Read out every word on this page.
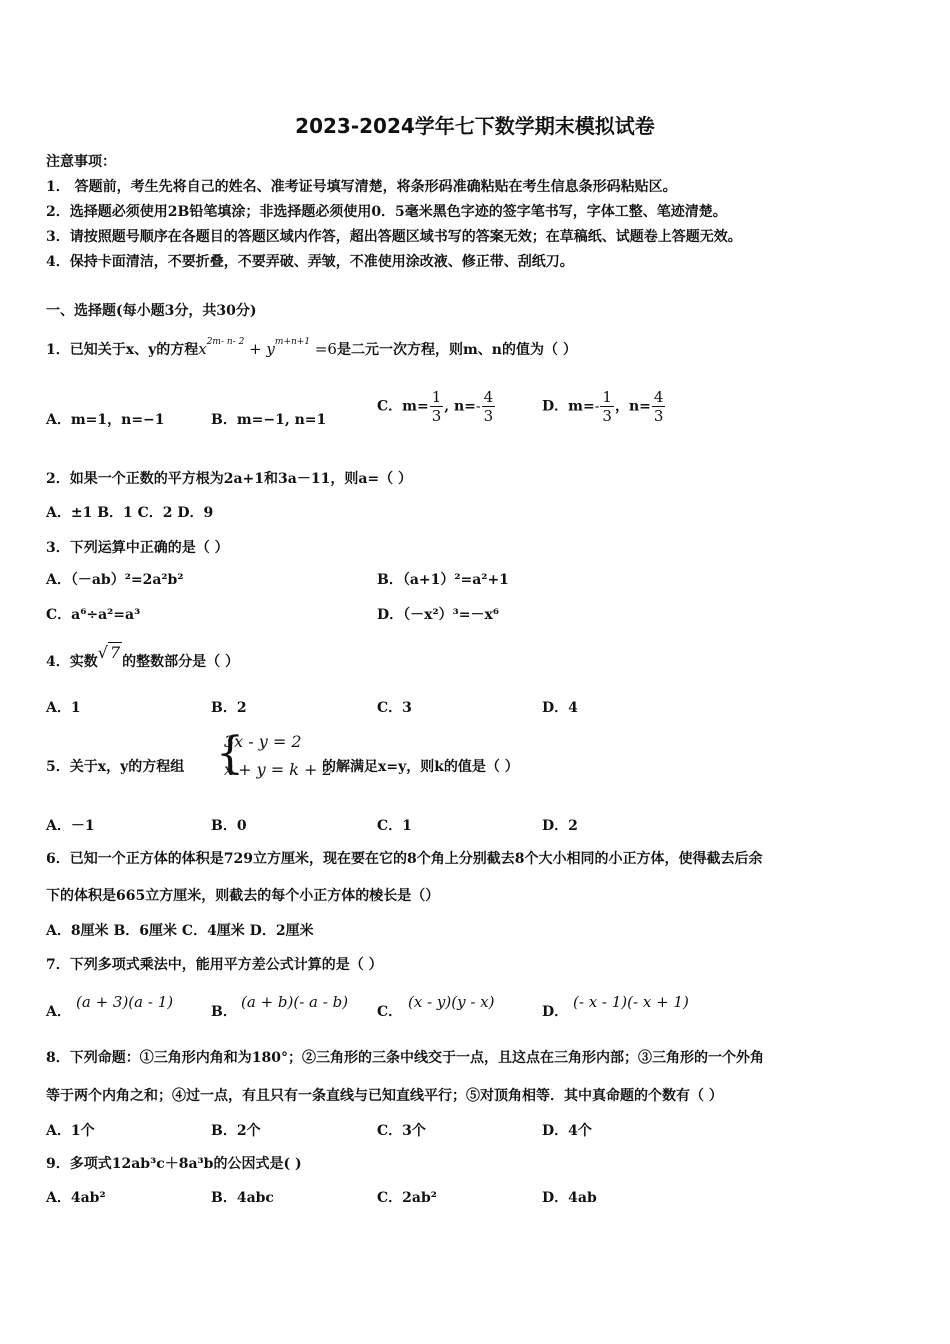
2023-2024学年七下数学期末模拟试卷
注意事项：
1． 答题前，考生先将自己的姓名、准考证号填写清楚，将条形码准确粘贴在考生信息条形码粘贴区。
2．选择题必须使用2B铅笔填涂；非选择题必须使用0．5毫米黑色字迹的签字笔书写，字体工整、笔迹清楚。
3．请按照题号顺序在各题目的答题区域内作答，超出答题区域书写的答案无效；在草稿纸、试题卷上答题无效。
4．保持卡面清洁，不要折叠，不要弄破、弄皱，不准使用涂改液、修正带、刮纸刀。
一、选择题(每小题3分，共30分)
1．已知关于x、y的方程$x^{2m- n- 2} + y^{m+n+1} =6$是二元一次方程，则m、n的值为（ ）
A．m=1，n=−1	B．m=−1, n=1
C．$m= \frac{1}{3}$ , $n=- \frac{4}{3}$	D．$m=- \frac{1}{3}$ ，$n= \frac{4}{3}$
2．如果一个正数的平方根为2a+1和3a－11，则a=（ ）
A．±1 B．1 C．2 D．9
3．下列运算中正确的是（ ）
A．（－ab）²=2a²b²	B．（a+1）²=a²+1
C．a⁶÷a²=a³	D．（－x²）³=－x⁶
4．实数√ 7 的整数部分是（ ）
A．1	B．2	C．3	D．4
5．关于x，y的方程组 {
3x - y = 2
x + y = k + 2
的解满足x=y，则k的值是（ ）
A．－1	B．0	C．1	D．2
6．已知一个正方体的体积是729立方厘米，现在要在它的8个角上分别截去8个大小相同的小正方体，使得截去后余
下的体积是665立方厘米，则截去的每个小正方体的棱长是（）
A．8厘米 B．6厘米 C．4厘米 D．2厘米
7．下列多项式乘法中，能用平方差公式计算的是（ ）
A．
(a + 3)(a - 1)
B．
(a + b)(- a - b)
C．
(x - y)(y - x)
D．
(- x - 1)(- x + 1)
8．下列命题：①三角形内角和为180°；②三角形的三条中线交于一点，且这点在三角形内部；③三角形的一个外角
等于两个内角之和；④过一点，有且只有一条直线与已知直线平行；⑤对顶角相等．其中真命题的个数有（ ）
A．1个	B．2个	C．3个	D．4个
9．多项式12ab³c＋8a³b的公因式是( )
A．4ab²	B．4abc	C．2ab²	D．4ab
